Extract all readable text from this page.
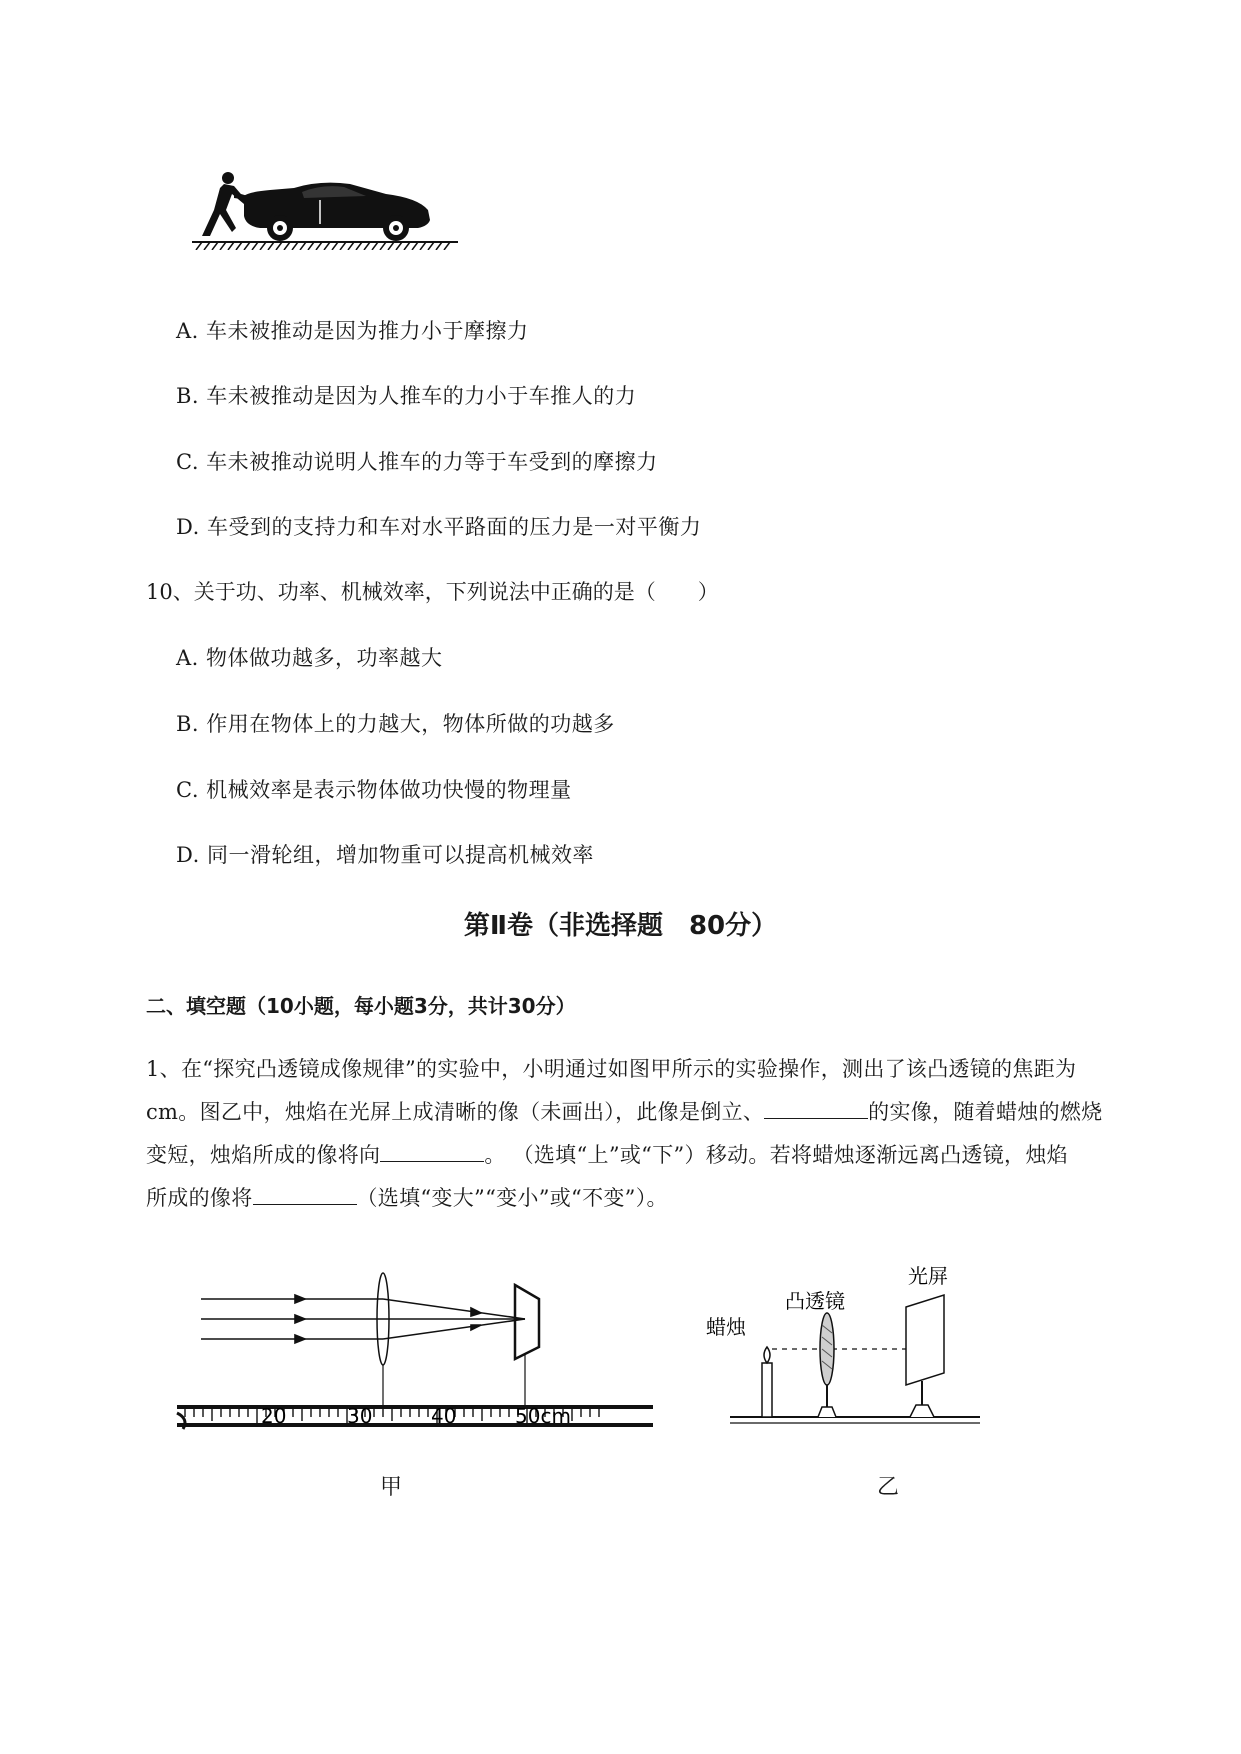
A. 车未被推动是因为推力小于摩擦力
B. 车未被推动是因为人推车的力小于车推人的力
C. 车未被推动说明人推车的力等于车受到的摩擦力
D. 车受到的支持力和车对水平路面的压力是一对平衡力
10、关于功、功率、机械效率，下列说法中正确的是（　　）
A. 物体做功越多，功率越大
B. 作用在物体上的力越大，物体所做的功越多
C. 机械效率是表示物体做功快慢的物理量
D. 同一滑轮组，增加物重可以提高机械效率
第Ⅱ卷（非选择题　80分）
二、填空题（10小题，每小题3分，共计30分）
1、在“探究凸透镜成像规律”的实验中，小明通过如图甲所示的实验操作，测出了该凸透镜的焦距为
cm。图乙中，烛焰在光屏上成清晰的像（未画出），此像是倒立、	的实像，随着蜡烛的燃烧
变短，烛焰所成的像将向	。 （选填“上”或“下”）移动。若将蜡烛逐渐远离凸透镜，烛焰
所成的像将	（选填“变大”“变小”或“不变”）。
20	30	40	50cm
甲
光屏
凸透镜
蜡烛
乙
